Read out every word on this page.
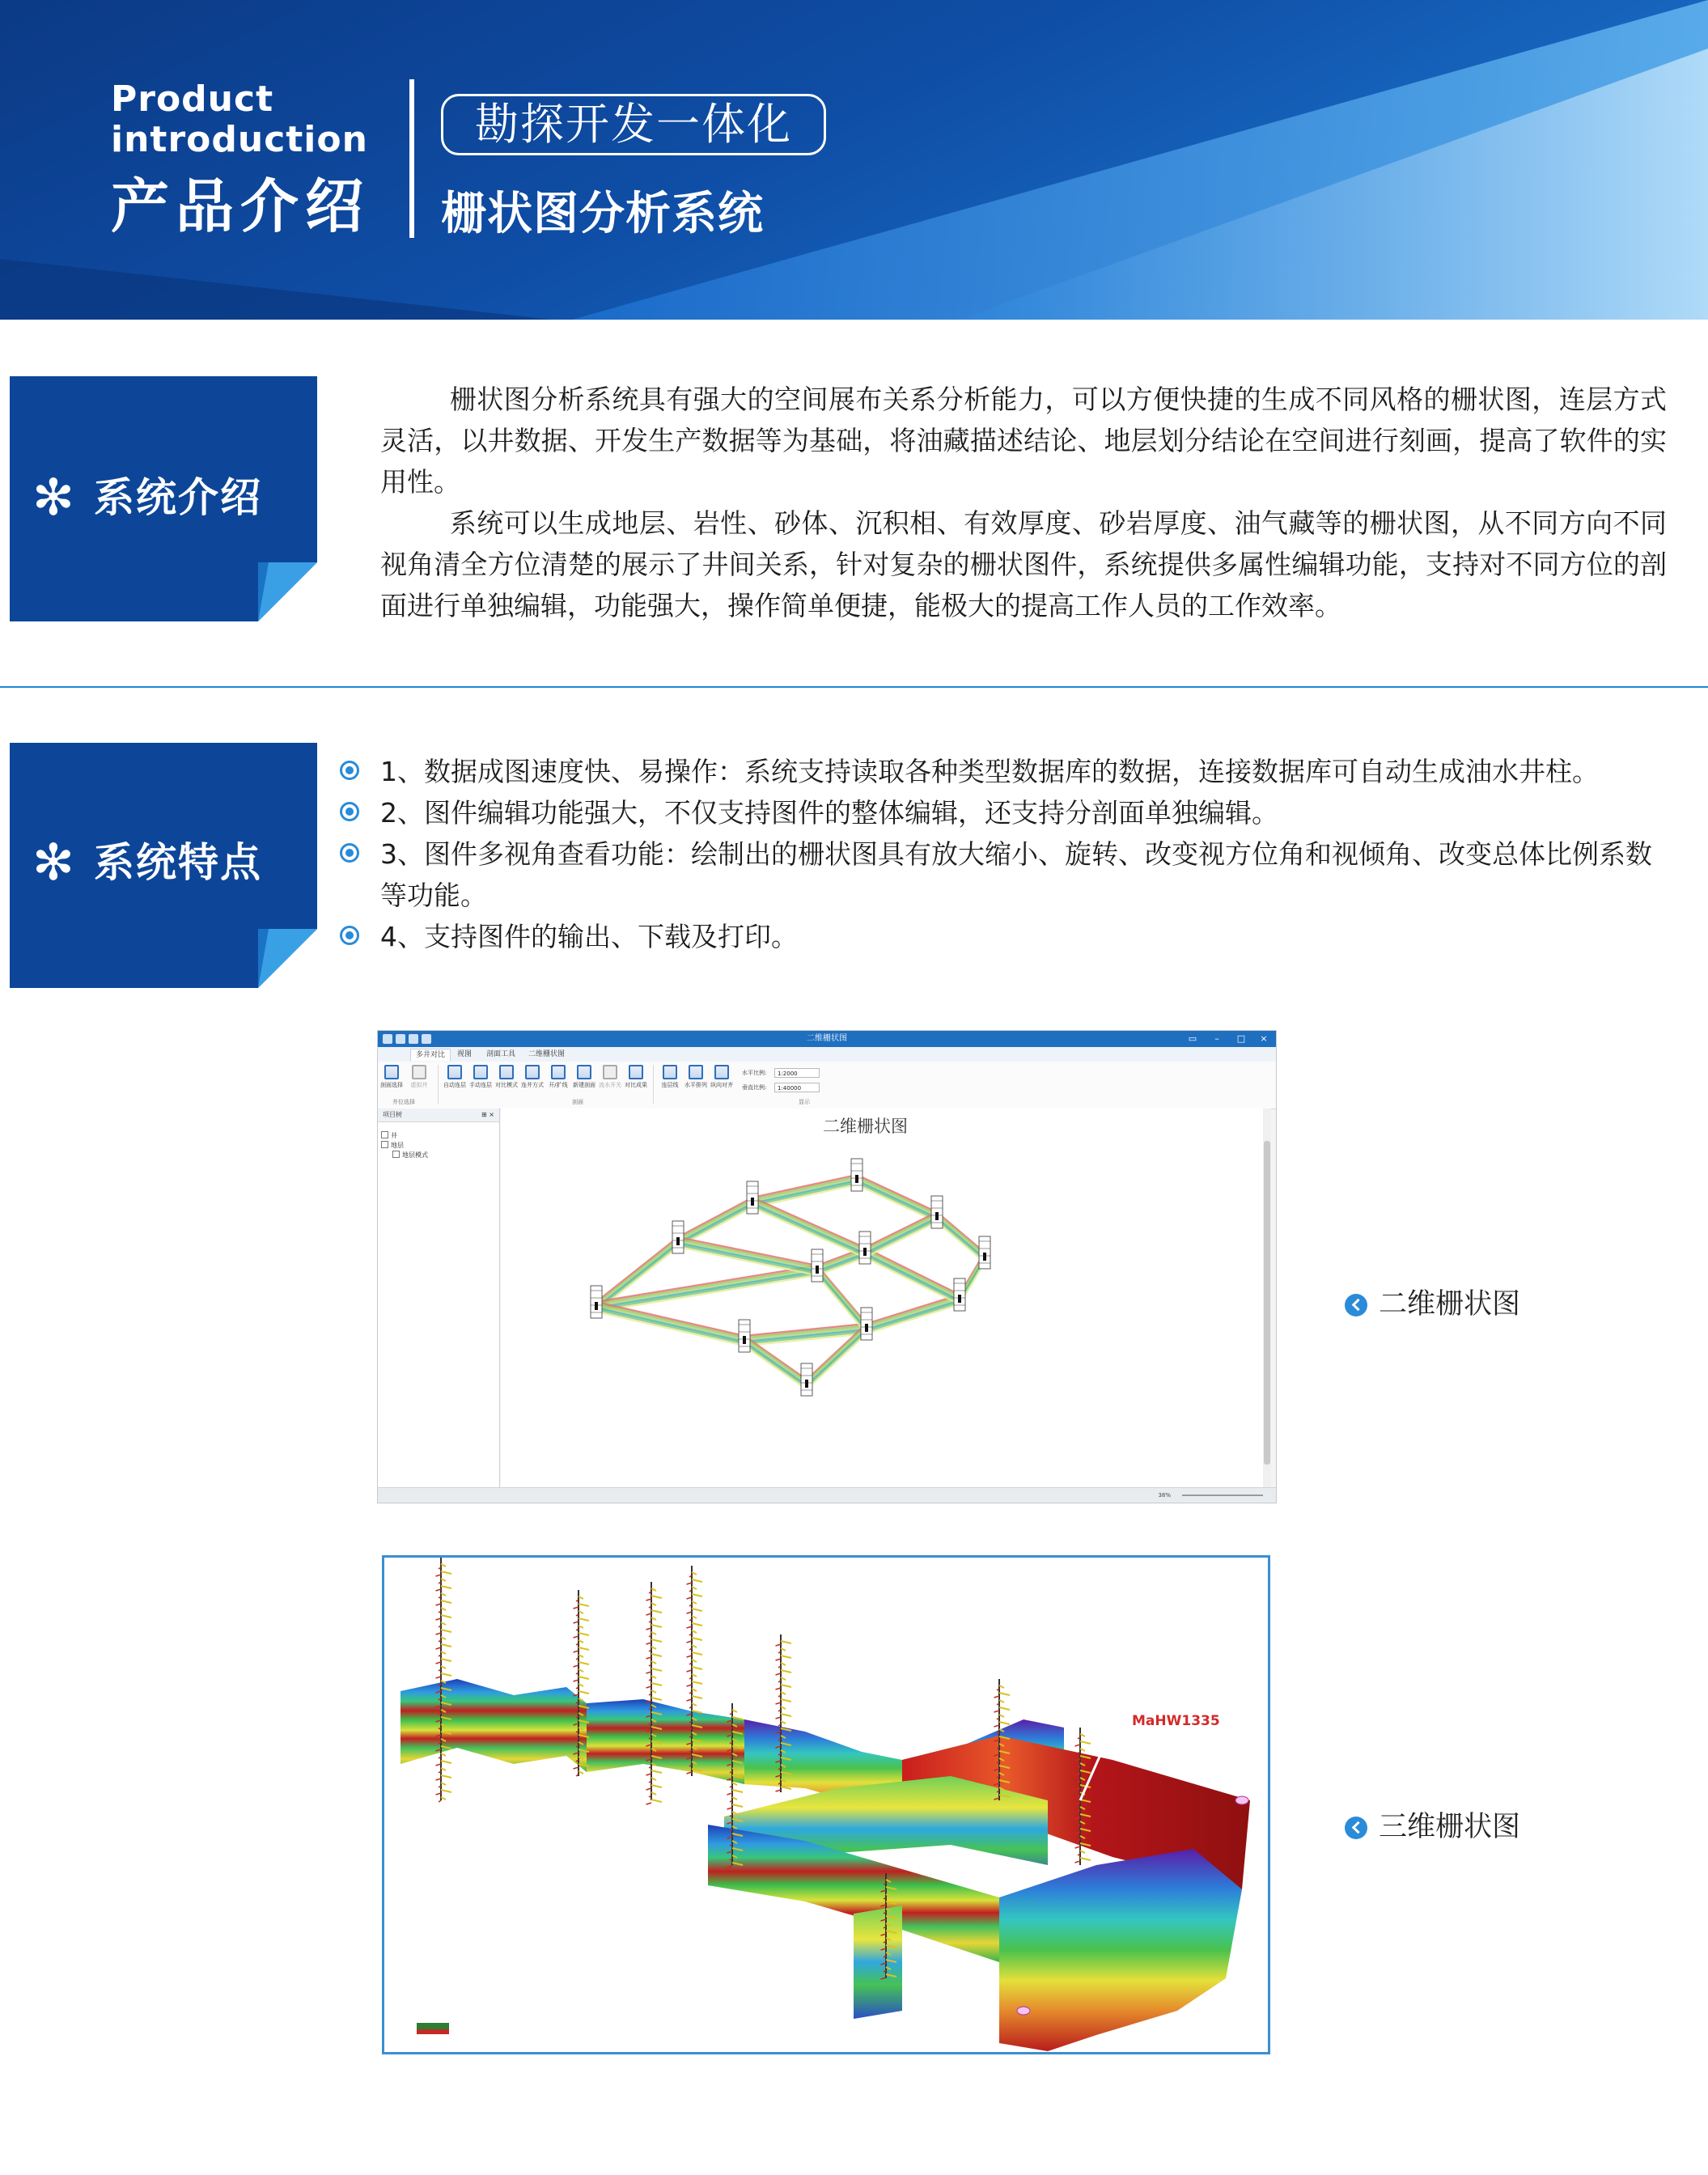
Product
introduction
产品介绍
勘探开发一体化
栅状图分析系统
✻ 系统介绍

栅状图分析系统具有强大的空间展布关系分析能力，可以方便快捷的生成不同风格的栅状图，连层方式灵活，以井数据、开发生产数据等为基础，将油藏描述结论、地层划分结论在空间进行刻画，提高了软件的实用性。

系统可以生成地层、岩性、砂体、沉积相、有效厚度、砂岩厚度、油气藏等的栅状图，从不同方向不同视角清全方位清楚的展示了井间关系，针对复杂的栅状图件，系统提供多属性编辑功能，支持对不同方位的剖面进行单独编辑，功能强大，操作简单便捷，能极大的提高工作人员的工作效率。

✻ 系统特点
1、数据成图速度快、易操作：系统支持读取各种类型数据库的数据，连接数据库可自动生成油水井柱。
2、图件编辑功能强大，不仅支持图件的整体编辑，还支持分剖面单独编辑。
3、图件多视角查看功能：绘制出的栅状图具有放大缩小、旋转、改变视方位角和视倾角、改变总体比例系数等功能。
4、支持图件的输出、下载及打印。
二维栅状图	▭	–	□	×
多井对比	视图	剖面工具	二维栅状图
剖面选择	虚拟井	自动连层 手动连层 对比模式 连井方式 开/扩线 新建剖面 流水开关 对比成果	连层线	水平排列 纵向对齐
水平比例:	1:2000
垂直比例:	1:40000
井位选择	剖面	显示
项目树	⊞ ×
井
地层
地层模式
二维栅状图
38%
二维栅状图
MaHW1335
三维栅状图
